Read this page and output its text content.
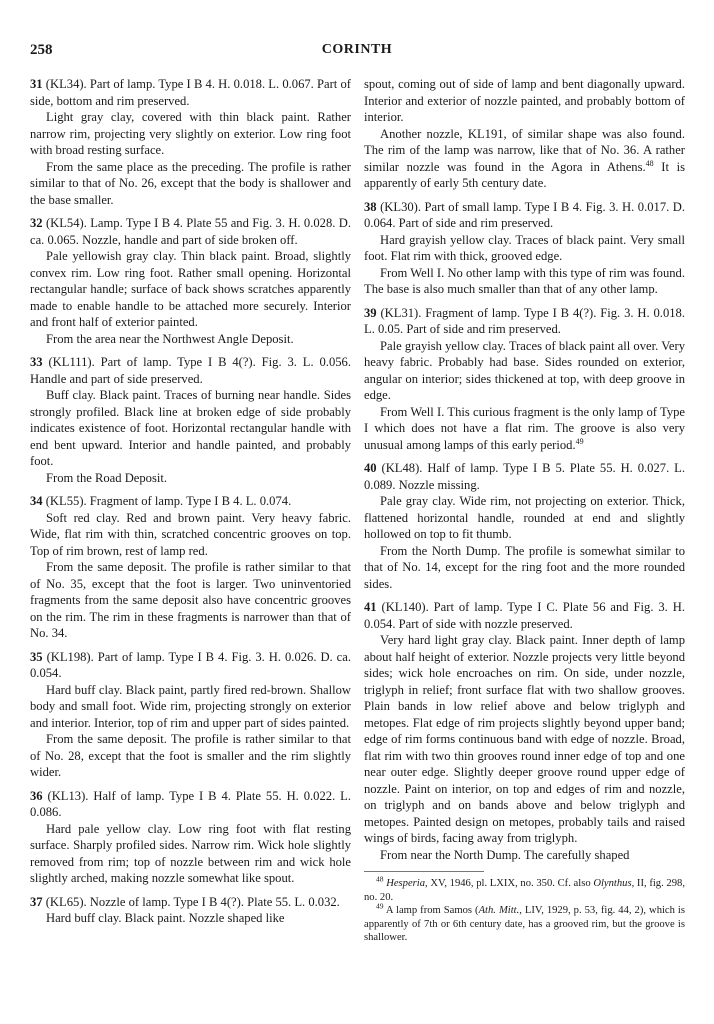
258	CORINTH

31 (KL34). Part of lamp. Type I B 4. H. 0.018. L. 0.067. Part of side, bottom and rim preserved.

Light gray clay, covered with thin black paint. Rather narrow rim, projecting very slightly on exterior. Low ring foot with broad resting surface.

From the same place as the preceding. The profile is rather similar to that of No. 26, except that the body is shallower and the base smaller.

32 (KL54). Lamp. Type I B 4. Plate 55 and Fig. 3. H. 0.028. D. ca. 0.065. Nozzle, handle and part of side broken off.

Pale yellowish gray clay. Thin black paint. Broad, slightly convex rim. Low ring foot. Rather small opening. Horizontal rectangular handle; surface of back shows scratches apparently made to enable handle to be attached more securely. Interior and front half of exterior painted.

From the area near the Northwest Angle Deposit.

33 (KL111). Part of lamp. Type I B 4(?). Fig. 3. L. 0.056. Handle and part of side preserved.

Buff clay. Black paint. Traces of burning near handle. Sides strongly profiled. Black line at broken edge of side probably indicates existence of foot. Horizontal rectangular handle with end bent upward. Interior and handle painted, and probably foot.

From the Road Deposit.

34 (KL55). Fragment of lamp. Type I B 4. L. 0.074.

Soft red clay. Red and brown paint. Very heavy fabric. Wide, flat rim with thin, scratched concentric grooves on top. Top of rim brown, rest of lamp red.

From the same deposit. The profile is rather similar to that of No. 35, except that the foot is larger. Two uninventoried fragments from the same deposit also have concentric grooves on the rim. The rim in these fragments is narrower than that of No. 34.

35 (KL198). Part of lamp. Type I B 4. Fig. 3. H. 0.026. D. ca. 0.054.

Hard buff clay. Black paint, partly fired red-brown. Shallow body and small foot. Wide rim, projecting strongly on exterior and interior. Interior, top of rim and upper part of sides painted.

From the same deposit. The profile is rather similar to that of No. 28, except that the foot is smaller and the rim slightly wider.

36 (KL13). Half of lamp. Type I B 4. Plate 55. H. 0.022. L. 0.086.

Hard pale yellow clay. Low ring foot with flat resting surface. Sharply profiled sides. Narrow rim. Wick hole slightly removed from rim; top of nozzle between rim and wick hole slightly arched, making nozzle somewhat like spout.

37 (KL65). Nozzle of lamp. Type I B 4(?). Plate 55. L. 0.032.

Hard buff clay. Black paint. Nozzle shaped like

spout, coming out of side of lamp and bent diagonally upward. Interior and exterior of nozzle painted, and probably bottom of interior.

Another nozzle, KL191, of similar shape was also found. The rim of the lamp was narrow, like that of No. 36. A rather similar nozzle was found in the Agora in Athens.$^{48}$ It is apparently of early 5th century date.

38 (KL30). Part of small lamp. Type I B 4. Fig. 3. H. 0.017. D. 0.064. Part of side and rim preserved.

Hard grayish yellow clay. Traces of black paint. Very small foot. Flat rim with thick, grooved edge.

From Well I. No other lamp with this type of rim was found. The base is also much smaller than that of any other lamp.

39 (KL31). Fragment of lamp. Type I B 4(?). Fig. 3. H. 0.018. L. 0.05. Part of side and rim preserved.

Pale grayish yellow clay. Traces of black paint all over. Very heavy fabric. Probably had base. Sides rounded on exterior, angular on interior; sides thickened at top, with deep groove in edge.

From Well I. This curious fragment is the only lamp of Type I which does not have a flat rim. The groove is also very unusual among lamps of this early period.$^{49}$

40 (KL48). Half of lamp. Type I B 5. Plate 55. H. 0.027. L. 0.089. Nozzle missing.

Pale gray clay. Wide rim, not projecting on exterior. Thick, flattened horizontal handle, rounded at end and slightly hollowed on top to fit thumb.

From the North Dump. The profile is somewhat similar to that of No. 14, except for the ring foot and the more rounded sides.

41 (KL140). Part of lamp. Type I C. Plate 56 and Fig. 3. H. 0.054. Part of side with nozzle preserved.

Very hard light gray clay. Black paint. Inner depth of lamp about half height of exterior. Nozzle projects very little beyond sides; wick hole encroaches on rim. On side, under nozzle, triglyph in relief; front surface flat with two shallow grooves. Plain bands in low relief above and below triglyph and metopes. Flat edge of rim projects slightly beyond upper band; edge of rim forms continuous band with edge of nozzle. Broad, flat rim with two thin grooves round inner edge of top and one near outer edge. Slightly deeper groove round upper edge of nozzle. Paint on interior, on top and edges of rim and nozzle, on triglyph and on bands above and below triglyph and metopes. Painted design on metopes, probably tails and raised wings of birds, facing away from triglyph.

From near the North Dump. The carefully shaped

$^{48}$ Hesperia, XV, 1946, pl. LXIX, no. 350. Cf. also Olynthus, II, fig. 298, no. 20.

$^{49}$ A lamp from Samos (Ath. Mitt., LIV, 1929, p. 53, fig. 44, 2), which is apparently of 7th or 6th century date, has a grooved rim, but the groove is shallower.
